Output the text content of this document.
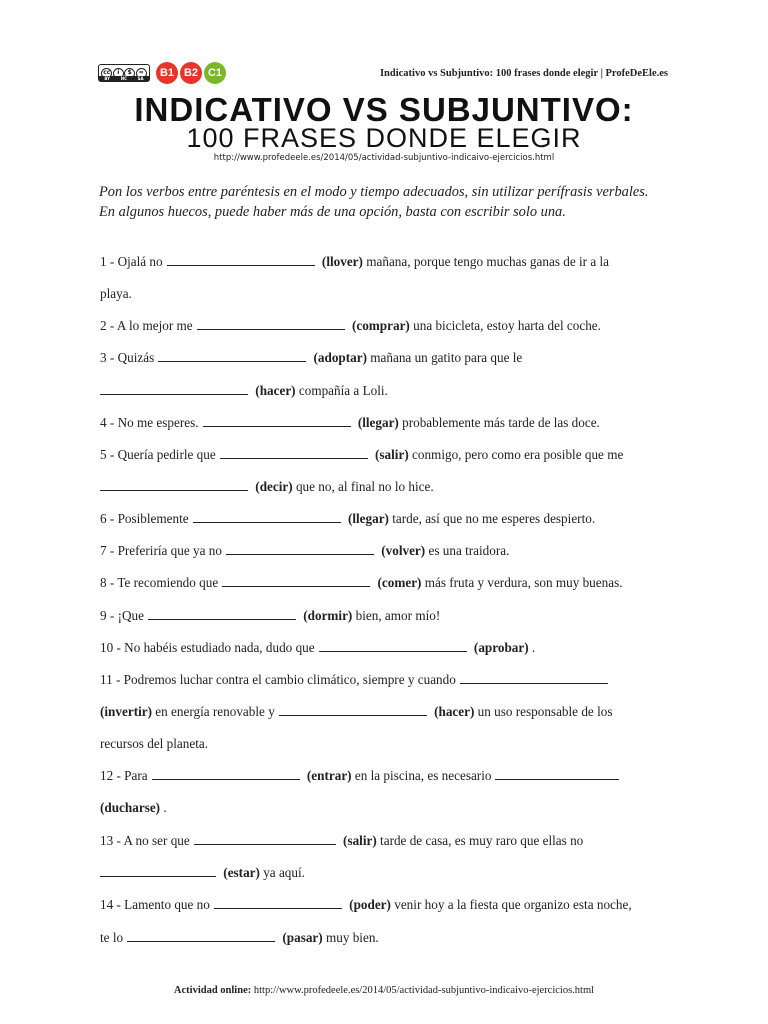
cc	i	$	=
BY	NC	SA	B1 B2 C1	Indicativo vs Subjuntivo: 100 frases donde elegir | ProfeDeEle.es
INDICATIVO VS SUBJUNTIVO:
100 FRASES DONDE ELEGIR
http://www.profedeele.es/2014/05/actividad-subjuntivo-indicaivo-ejercicios.html
Pon los verbos entre paréntesis en el modo y tiempo adecuados, sin utilizar perífrasis verbales.
En algunos huecos, puede haber más de una opción, basta con escribir solo una.
1 - Ojalá no	(llover) mañana, porque tengo muchas ganas de ir a la
playa.
2 - A lo mejor me	(comprar) una bicicleta, estoy harta del coche.
3 - Quizás	(adoptar) mañana un gatito para que le
(hacer) compañía a Loli.
4 - No me esperes.	(llegar) probablemente más tarde de las doce.
5 - Quería pedirle que	(salir) conmigo, pero como era posible que me
(decir) que no, al final no lo hice.
6 - Posiblemente	(llegar) tarde, así que no me esperes despierto.
7 - Preferiría que ya no	(volver) es una traidora.
8 - Te recomiendo que	(comer) más fruta y verdura, son muy buenas.
9 - ¡Que	(dormir) bien, amor mío!
10 - No habéis estudiado nada, dudo que	(aprobar) .
11 - Podremos luchar contra el cambio climático, siempre y cuando
(invertir) en energía renovable y	(hacer) un uso responsable de los
recursos del planeta.
12 - Para	(entrar) en la piscina, es necesario
(ducharse) .
13 - A no ser que	(salir) tarde de casa, es muy raro que ellas no
(estar) ya aquí.
14 - Lamento que no	(poder) venir hoy a la fiesta que organizo esta noche,
te lo	(pasar) muy bien.
Actividad online: http://www.profedeele.es/2014/05/actividad-subjuntivo-indicaivo-ejercicios.html
